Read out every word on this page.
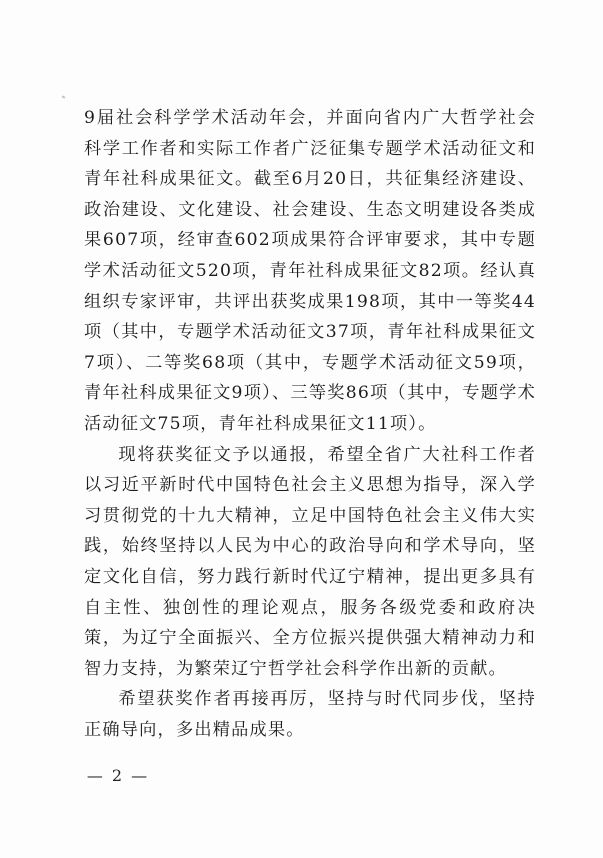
9届社会科学学术活动年会，并面向省内广大哲学社会科学工作者和实际工作者广泛征集专题学术活动征文和青年社科成果征文。截至6月20日，共征集经济建设、政治建设、文化建设、社会建设、生态文明建设各类成果607项，经审查602项成果符合评审要求，其中专题学术活动征文520项，青年社科成果征文82项。经认真组织专家评审，共评出获奖成果198项，其中一等奖44项（其中，专题学术活动征文37项，青年社科成果征文7项）、二等奖68项（其中，专题学术活动征文59项，青年社科成果征文9项）、三等奖86项（其中，专题学术活动征文75项，青年社科成果征文11项）。

现将获奖征文予以通报，希望全省广大社科工作者以习近平新时代中国特色社会主义思想为指导，深入学习贯彻党的十九大精神，立足中国特色社会主义伟大实践，始终坚持以人民为中心的政治导向和学术导向，坚定文化自信，努力践行新时代辽宁精神，提出更多具有自主性、独创性的理论观点，服务各级党委和政府决策，为辽宁全面振兴、全方位振兴提供强大精神动力和智力支持，为繁荣辽宁哲学社会科学作出新的贡献。

希望获奖作者再接再厉，坚持与时代同步伐，坚持正确导向，多出精品成果。

— 2 —
